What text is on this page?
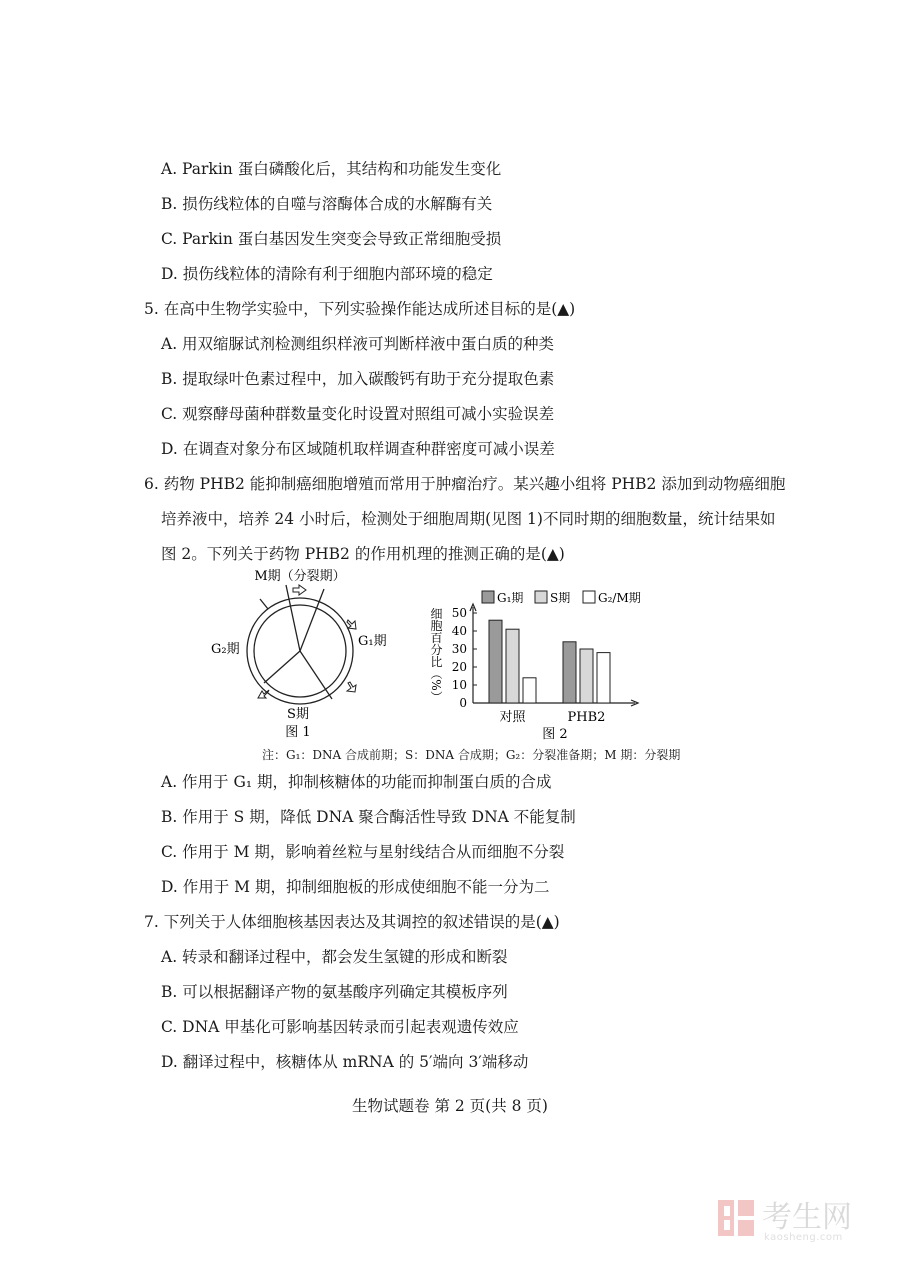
A. Parkin 蛋白磷酸化后，其结构和功能发生变化
B. 损伤线粒体的自噬与溶酶体合成的水解酶有关
C. Parkin 蛋白基因发生突变会导致正常细胞受损
D. 损伤线粒体的清除有利于细胞内部环境的稳定
5. 在高中生物学实验中，下列实验操作能达成所述目标的是(▲)
A. 用双缩脲试剂检测组织样液可判断样液中蛋白质的种类
B. 提取绿叶色素过程中，加入碳酸钙有助于充分提取色素
C. 观察酵母菌种群数量变化时设置对照组可减小实验误差
D. 在调查对象分布区域随机取样调查种群密度可减小误差
6. 药物 PHB2 能抑制癌细胞增殖而常用于肿瘤治疗。某兴趣小组将 PHB2 添加到动物癌细胞
培养液中，培养 24 小时后，检测处于细胞周期(见图 1)不同时期的细胞数量，统计结果如
图 2。下列关于药物 PHB2 的作用机理的推测正确的是(▲)
M期（分裂期）
G₂期
G₁期
S期
图 1
G₁期 S期 G₂/M期
细胞百分比（%）
0
10
20
30
40
50
对照	PHB2
图 2
注：G₁：DNA 合成前期；S：DNA 合成期；G₂：分裂准备期；M 期：分裂期
A. 作用于 G₁ 期，抑制核糖体的功能而抑制蛋白质的合成
B. 作用于 S 期，降低 DNA 聚合酶活性导致 DNA 不能复制
C. 作用于 M 期，影响着丝粒与星射线结合从而细胞不分裂
D. 作用于 M 期，抑制细胞板的形成使细胞不能一分为二
7. 下列关于人体细胞核基因表达及其调控的叙述错误的是(▲)
A. 转录和翻译过程中，都会发生氢键的形成和断裂
B. 可以根据翻译产物的氨基酸序列确定其模板序列
C. DNA 甲基化可影响基因转录而引起表观遗传效应
D. 翻译过程中，核糖体从 mRNA 的 5′端向 3′端移动
生物试题卷 第 2 页(共 8 页)
考生网
kaosheng.com
